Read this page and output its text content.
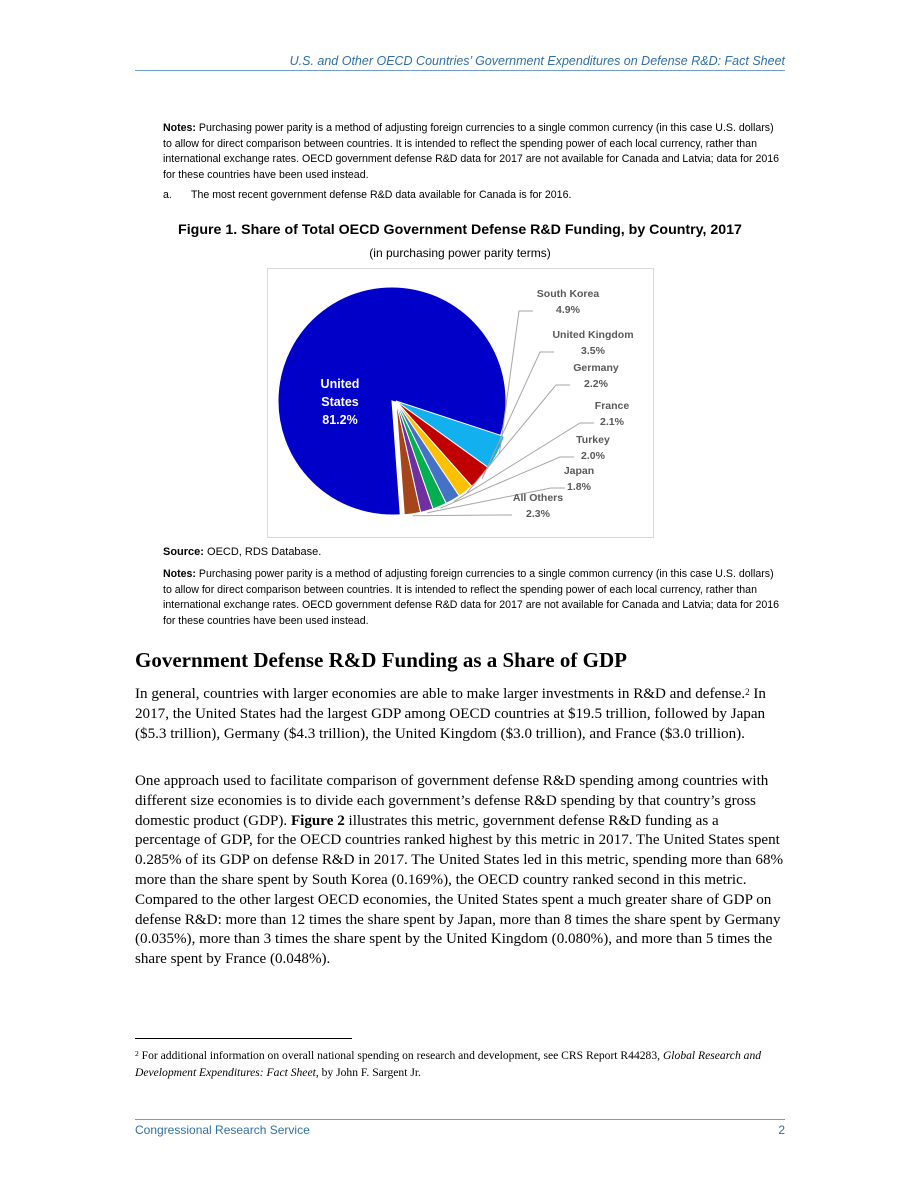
U.S. and Other OECD Countries’ Government Expenditures on Defense R&D: Fact Sheet
Notes: Purchasing power parity is a method of adjusting foreign currencies to a single common currency (in this case U.S. dollars) to allow for direct comparison between countries. It is intended to reflect the spending power of each local currency, rather than international exchange rates. OECD government defense R&D data for 2017 are not available for Canada and Latvia; data for 2016 for these countries have been used instead.
a. The most recent government defense R&D data available for Canada is for 2016.
Figure 1. Share of Total OECD Government Defense R&D Funding, by Country, 2017
(in purchasing power parity terms)
South Korea
4.9%
United Kingdom
3.5%
Germany
2.2%
France
2.1%
Turkey
2.0%
Japan
1.8%
All Others
2.3%
United
States
81.2%
Source: OECD, RDS Database.
Notes: Purchasing power parity is a method of adjusting foreign currencies to a single common currency (in this case U.S. dollars) to allow for direct comparison between countries. It is intended to reflect the spending power of each local currency, rather than international exchange rates. OECD government defense R&D data for 2017 are not available for Canada and Latvia; data for 2016 for these countries have been used instead.
Government Defense R&D Funding as a Share of GDP

In general, countries with larger economies are able to make larger investments in R&D and defense.$^2$ In 2017, the United States had the largest GDP among OECD countries at $19.5 trillion, followed by Japan ($5.3 trillion), Germany ($4.3 trillion), the United Kingdom ($3.0 trillion), and France ($3.0 trillion).

One approach used to facilitate comparison of government defense R&D spending among countries with different size economies is to divide each government’s defense R&D spending by that country’s gross domestic product (GDP). Figure 2 illustrates this metric, government defense R&D funding as a percentage of GDP, for the OECD countries ranked highest by this metric in 2017. The United States spent 0.285% of its GDP on defense R&D in 2017. The United States led in this metric, spending more than 68% more than the share spent by South Korea (0.169%), the OECD country ranked second in this metric. Compared to the other largest OECD economies, the United States spent a much greater share of GDP on defense R&D: more than 12 times the share spent by Japan, more than 8 times the share spent by Germany (0.035%), more than 3 times the share spent by the United Kingdom (0.080%), and more than 5 times the share spent by France (0.048%).

$^2$ For additional information on overall national spending on research and development, see CRS Report R44283, Global Research and Development Expenditures: Fact Sheet, by John F. Sargent Jr.
Congressional Research Service	2
